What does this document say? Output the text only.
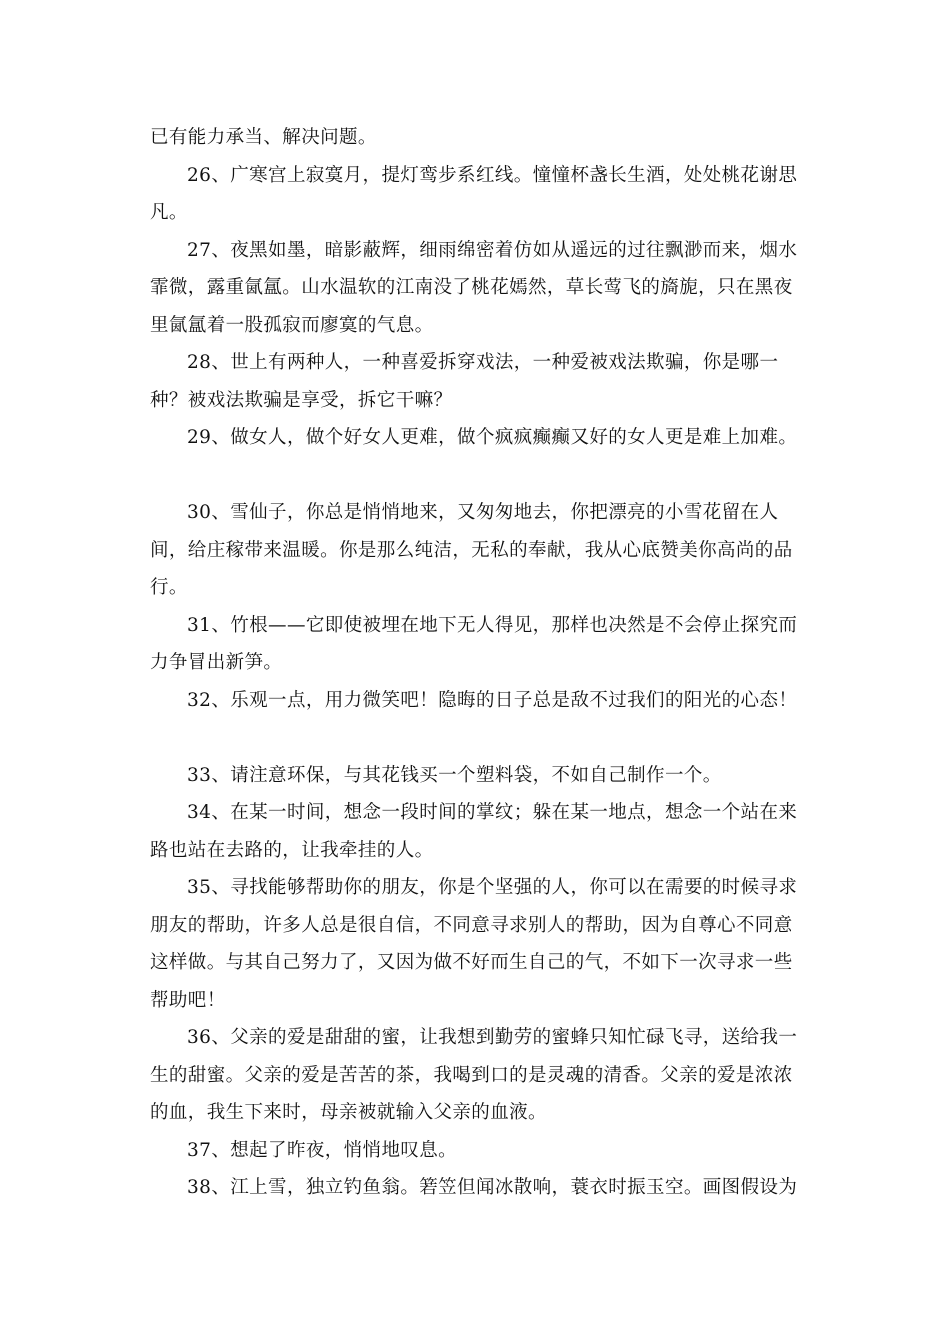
已有能力承当、解决问题。

26、广寒宫上寂寞月，提灯鸾步系红线。憧憧杯盏长生酒，处处桃花谢思凡。

27、夜黑如墨，暗影蔽辉，细雨绵密着仿如从遥远的过往飘渺而来，烟水霏微，露重氤氲。山水温软的江南没了桃花嫣然，草长莺飞的旖旎，只在黑夜里氤氲着一股孤寂而廖寞的气息。

28、世上有两种人，一种喜爱拆穿戏法，一种爱被戏法欺骗，你是哪一种？被戏法欺骗是享受，拆它干嘛？

29、做女人，做个好女人更难，做个疯疯癫癫又好的女人更是难上加难。

30、雪仙子，你总是悄悄地来，又匆匆地去，你把漂亮的小雪花留在人间，给庄稼带来温暖。你是那么纯洁，无私的奉献，我从心底赞美你高尚的品行。

31、竹根——它即使被埋在地下无人得见，那样也决然是不会停止探究而力争冒出新笋。

32、乐观一点，用力微笑吧！隐晦的日子总是敌不过我们的阳光的心态！

33、请注意环保，与其花钱买一个塑料袋，不如自己制作一个。

34、在某一时间，想念一段时间的掌纹；躲在某一地点，想念一个站在来路也站在去路的，让我牵挂的人。

35、寻找能够帮助你的朋友，你是个坚强的人，你可以在需要的时候寻求朋友的帮助，许多人总是很自信，不同意寻求别人的帮助，因为自尊心不同意这样做。与其自己努力了，又因为做不好而生自己的气，不如下一次寻求一些帮助吧！

36、父亲的爱是甜甜的蜜，让我想到勤劳的蜜蜂只知忙碌飞寻，送给我一生的甜蜜。父亲的爱是苦苦的茶，我喝到口的是灵魂的清香。父亲的爱是浓浓的血，我生下来时，母亲被就输入父亲的血液。

37、想起了昨夜，悄悄地叹息。

38、江上雪，独立钓鱼翁。箬笠但闻冰散响，蓑衣时振玉空。画图假设为
